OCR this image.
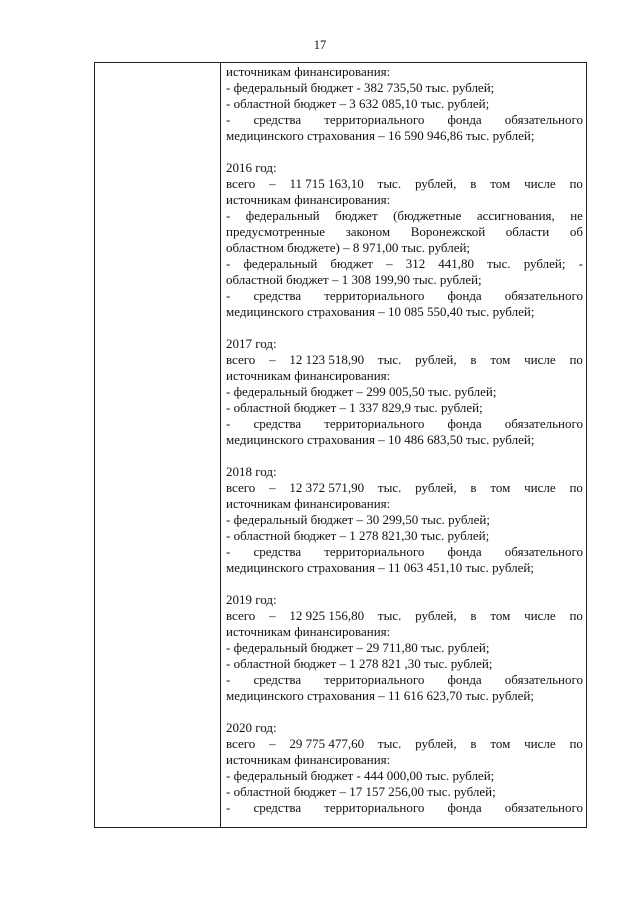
17
источникам финансирования:
- федеральный бюджет - 382 735,50 тыс. рублей;
- областной бюджет – 3 632 085,10 тыс. рублей;
- средства территориального фонда обязательного
медицинского страхования – 16 590 946,86 тыс. рублей;
2016 год:
всего – 11 715 163,10 тыс. рублей, в том числе по
источникам финансирования:
- федеральный бюджет (бюджетные ассигнования, не
предусмотренные законом Воронежской области об
областном бюджете) – 8 971,00 тыс. рублей;
- федеральный бюджет – 312 441,80 тыс. рублей; -
областной бюджет – 1 308 199,90 тыс. рублей;
- средства территориального фонда обязательного
медицинского страхования – 10 085 550,40 тыс. рублей;
2017 год:
всего – 12 123 518,90 тыс. рублей, в том числе по
источникам финансирования:
- федеральный бюджет – 299 005,50 тыс. рублей;
- областной бюджет – 1 337 829,9 тыс. рублей;
- средства территориального фонда обязательного
медицинского страхования – 10 486 683,50 тыс. рублей;
2018 год:
всего – 12 372 571,90 тыс. рублей, в том числе по
источникам финансирования:
- федеральный бюджет – 30 299,50 тыс. рублей;
- областной бюджет – 1 278 821,30 тыс. рублей;
- средства территориального фонда обязательного
медицинского страхования – 11 063 451,10 тыс. рублей;
2019 год:
всего – 12 925 156,80 тыс. рублей, в том числе по
источникам финансирования:
- федеральный бюджет – 29 711,80 тыс. рублей;
- областной бюджет – 1 278 821 ,30 тыс. рублей;
- средства территориального фонда обязательного
медицинского страхования – 11 616 623,70 тыс. рублей;
2020 год:
всего – 29 775 477,60 тыс. рублей, в том числе по
источникам финансирования:
- федеральный бюджет - 444 000,00 тыс. рублей;
- областной бюджет – 17 157 256,00 тыс. рублей;
- средства территориального фонда обязательного
